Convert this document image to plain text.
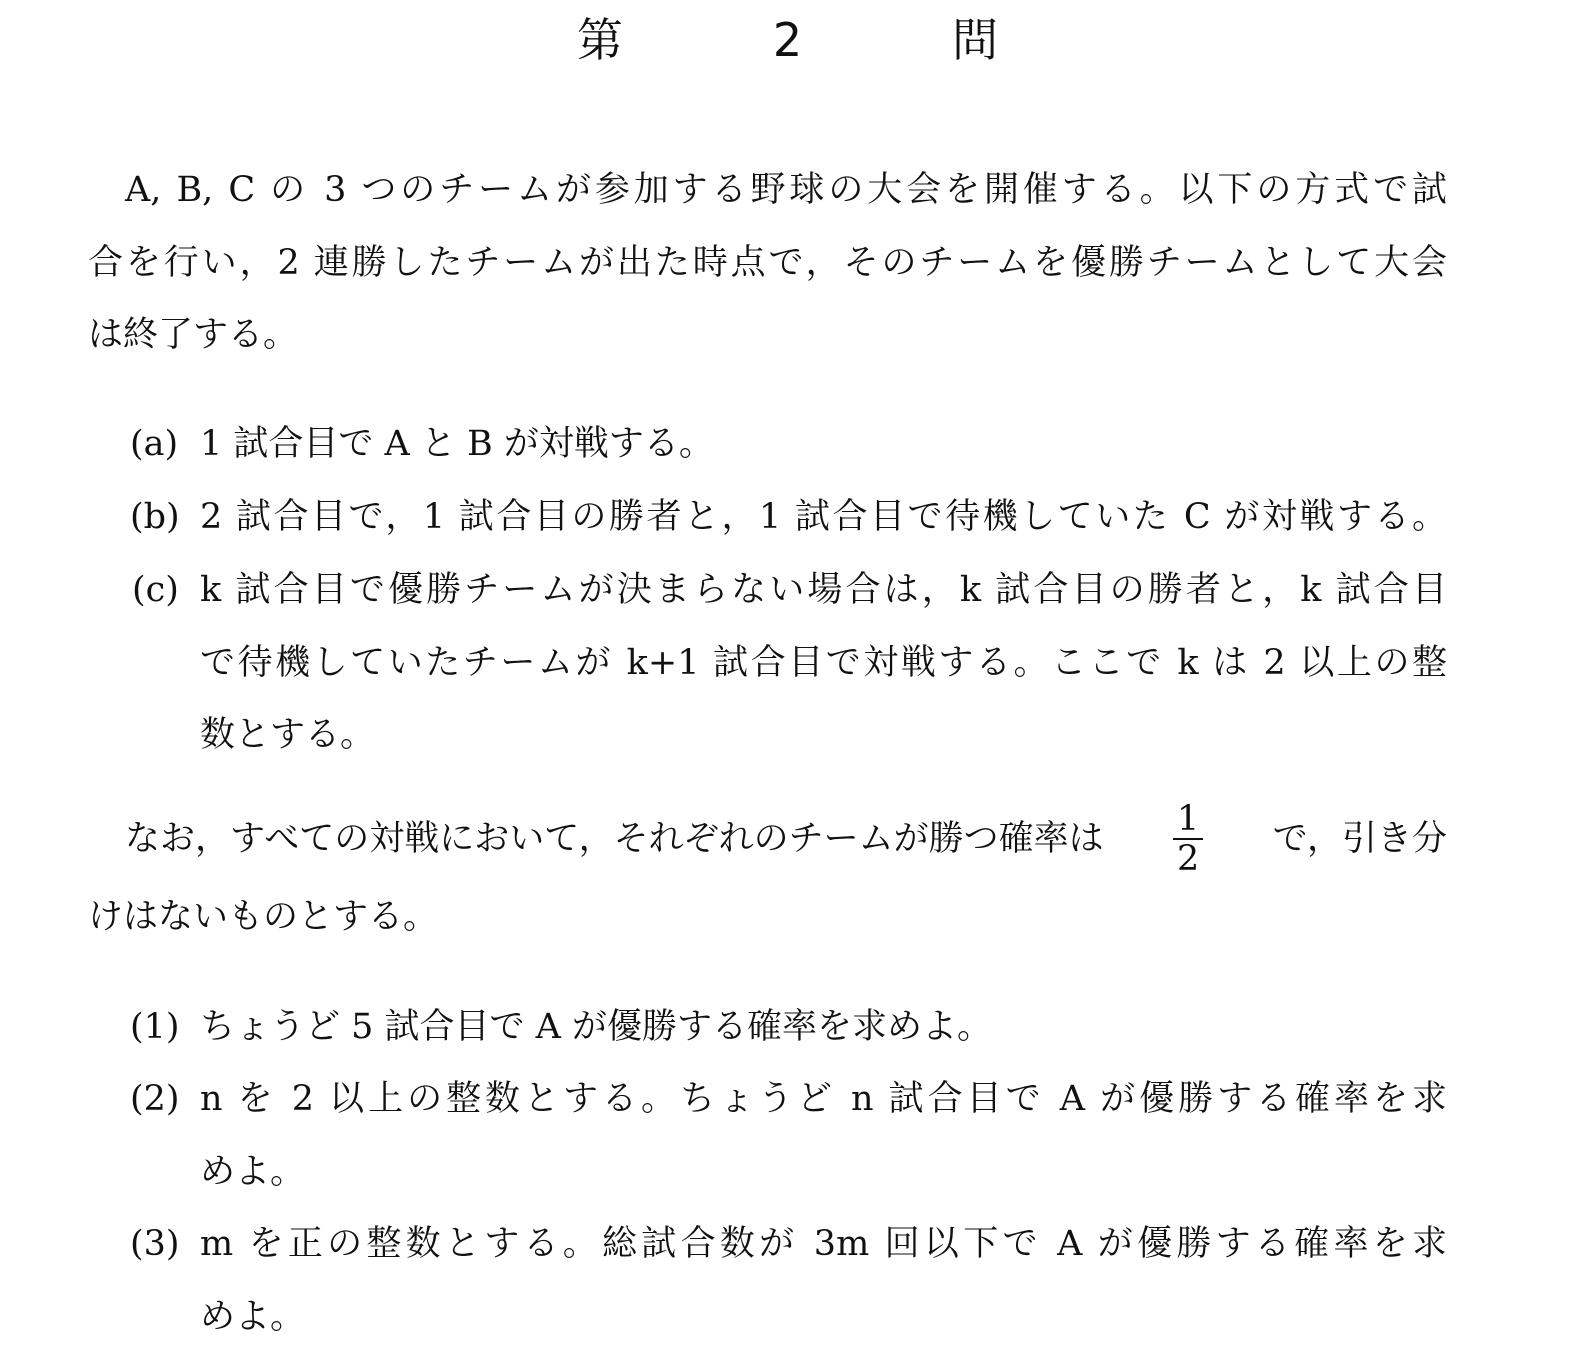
第　2　問
A, B, C の 3 つのチームが参加する野球の大会を開催する。以下の方式で試
合を行い，2 連勝したチームが出た時点で，そのチームを優勝チームとして大会
は終了する。
(a) 1 試合目で A と B が対戦する。
(b) 2 試合目で，1 試合目の勝者と，1 試合目で待機していた C が対戦する。
(c) k 試合目で優勝チームが決まらない場合は，k 試合目の勝者と，k 試合目
で待機していたチームが k+1 試合目で対戦する。ここで k は 2 以上の整
数とする。
なお，すべての対戦において，それぞれのチームが勝つ確率は $\frac{1}{2}$ で，引き分
けはないものとする。
(1) ちょうど 5 試合目で A が優勝する確率を求めよ。
(2) n を 2 以上の整数とする。ちょうど n 試合目で A が優勝する確率を求
めよ。
(3) m を正の整数とする。総試合数が 3m 回以下で A が優勝する確率を求
めよ。
